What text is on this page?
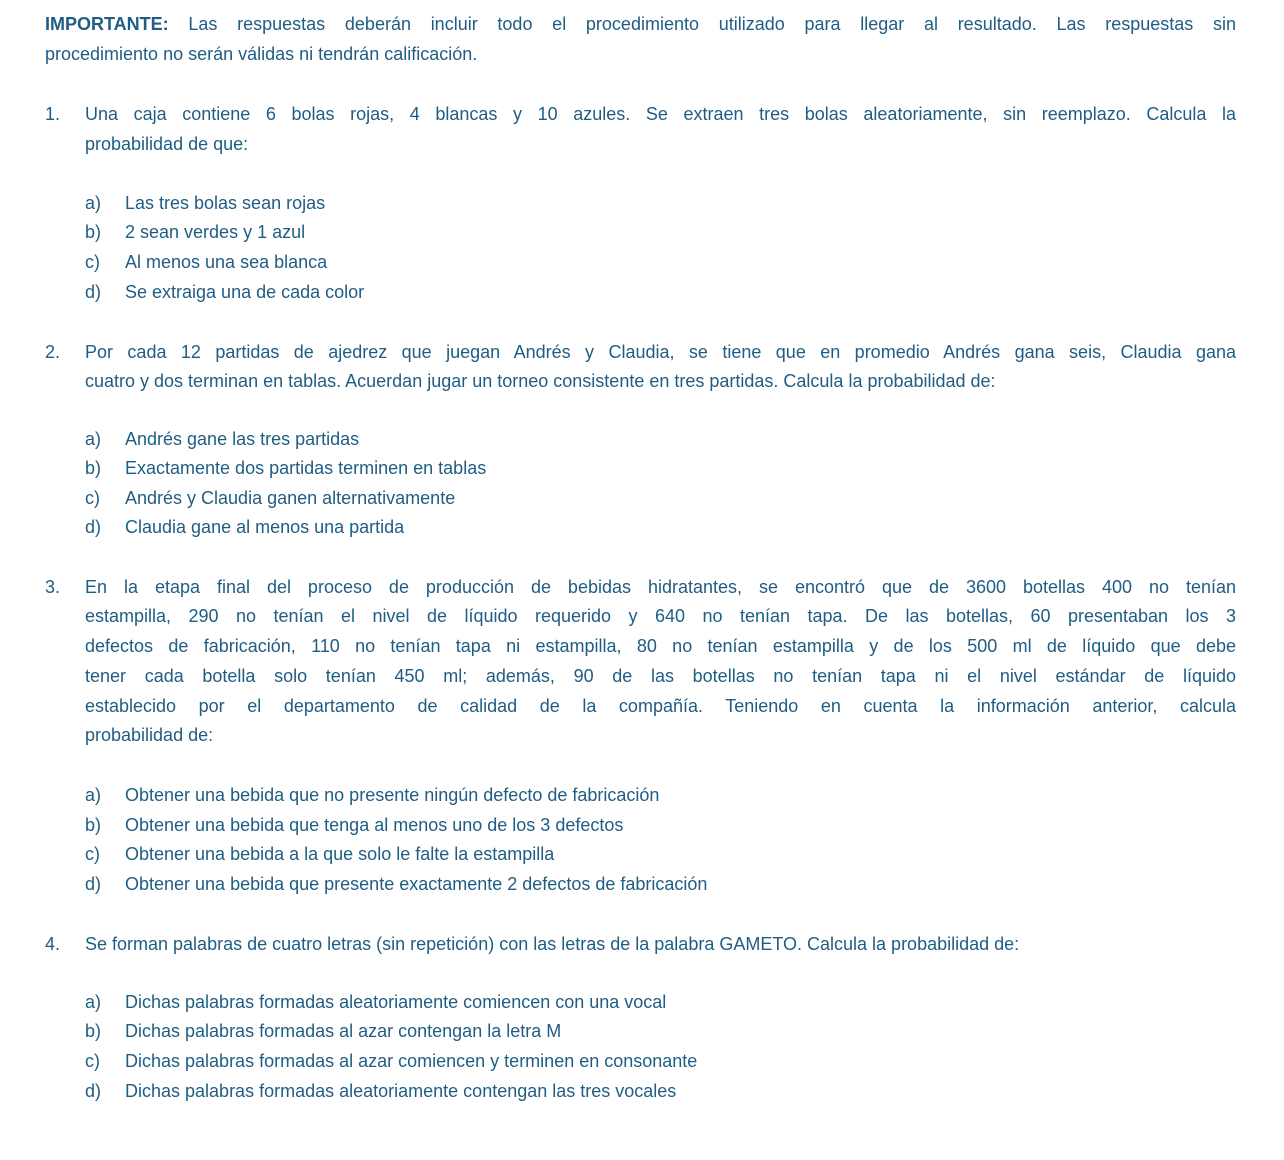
IMPORTANTE: Las respuestas deberán incluir todo el procedimiento utilizado para llegar al resultado. Las respuestas sin
procedimiento no serán válidas ni tendrán calificación.
1. Una caja contiene 6 bolas rojas, 4 blancas y 10 azules. Se extraen tres bolas aleatoriamente, sin reemplazo. Calcula la
probabilidad de que:
a) Las tres bolas sean rojas
b) 2 sean verdes y 1 azul
c) Al menos una sea blanca
d) Se extraiga una de cada color
2. Por cada 12 partidas de ajedrez que juegan Andrés y Claudia, se tiene que en promedio Andrés gana seis, Claudia gana
cuatro y dos terminan en tablas. Acuerdan jugar un torneo consistente en tres partidas. Calcula la probabilidad de:
a) Andrés gane las tres partidas
b) Exactamente dos partidas terminen en tablas
c) Andrés y Claudia ganen alternativamente
d) Claudia gane al menos una partida
3. En la etapa final del proceso de producción de bebidas hidratantes, se encontró que de 3600 botellas 400 no tenían
estampilla, 290 no tenían el nivel de líquido requerido y 640 no tenían tapa. De las botellas, 60 presentaban los 3
defectos de fabricación, 110 no tenían tapa ni estampilla, 80 no tenían estampilla y de los 500 ml de líquido que debe
tener cada botella solo tenían 450 ml; además, 90 de las botellas no tenían tapa ni el nivel estándar de líquido
establecido por el departamento de calidad de la compañía. Teniendo en cuenta la información anterior, calcula
probabilidad de:
a) Obtener una bebida que no presente ningún defecto de fabricación
b) Obtener una bebida que tenga al menos uno de los 3 defectos
c) Obtener una bebida a la que solo le falte la estampilla
d) Obtener una bebida que presente exactamente 2 defectos de fabricación
4. Se forman palabras de cuatro letras (sin repetición) con las letras de la palabra GAMETO. Calcula la probabilidad de:
a) Dichas palabras formadas aleatoriamente comiencen con una vocal
b) Dichas palabras formadas al azar contengan la letra M
c) Dichas palabras formadas al azar comiencen y terminen en consonante
d) Dichas palabras formadas aleatoriamente contengan las tres vocales
